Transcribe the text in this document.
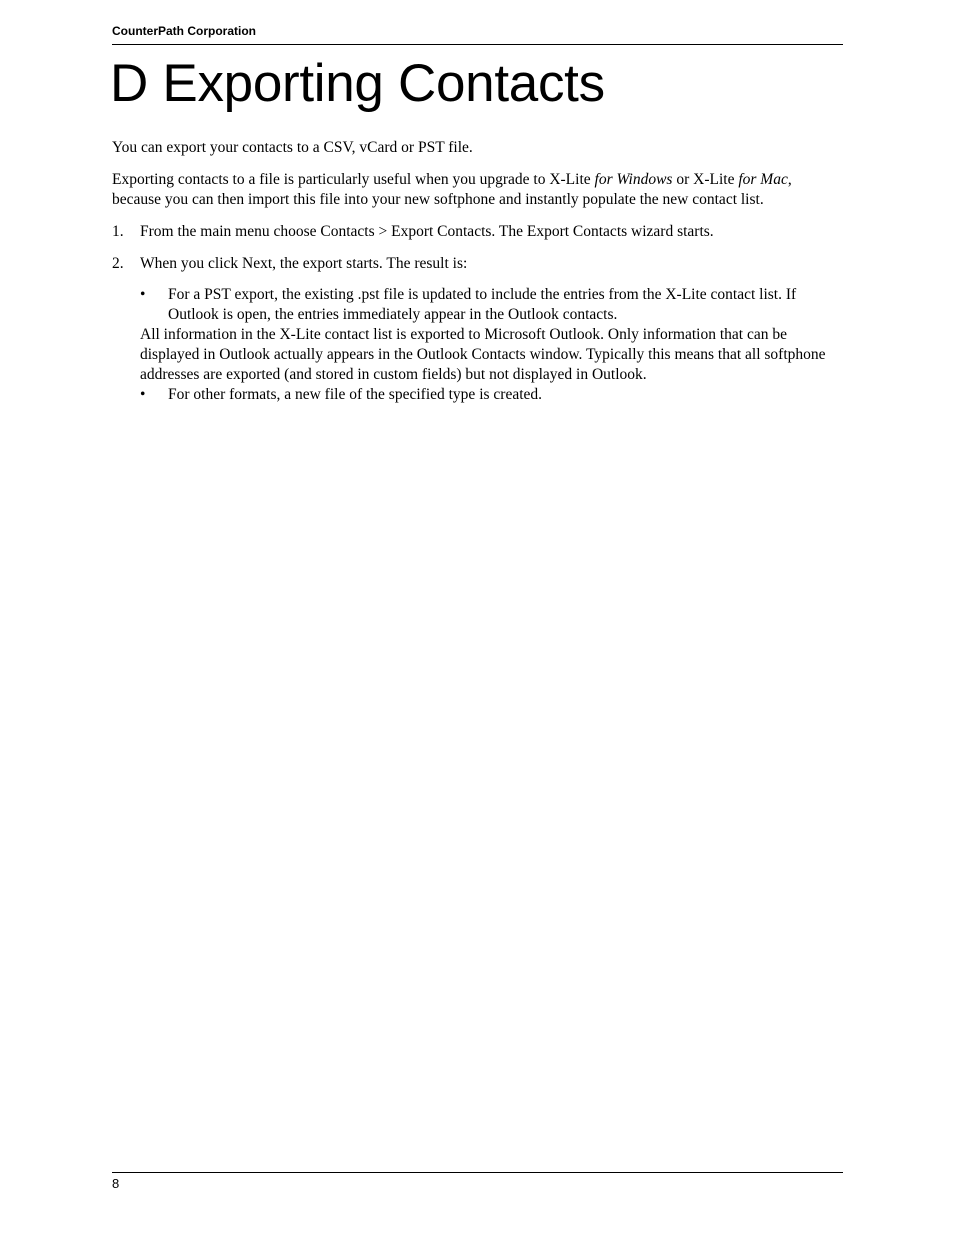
CounterPath Corporation
D Exporting Contacts

You can export your contacts to a CSV, vCard or PST file.

Exporting contacts to a file is particularly useful when you upgrade to X-Lite for Windows or X-Lite for Mac, because you can then import this file into your new softphone and instantly populate the new contact list.

1.	From the main menu choose Contacts > Export Contacts. The Export Contacts wizard starts.
2.	When you click Next, the export starts. The result is:
•	For a PST export, the existing .pst file is updated to include the entries from the X-Lite contact list. If Outlook is open, the entries immediately appear in the Outlook contacts.

All information in the X-Lite contact list is exported to Microsoft Outlook. Only information that can be displayed in Outlook actually appears in the Outlook Contacts window. Typically this means that all softphone addresses are exported (and stored in custom fields) but not displayed in Outlook.

•	For other formats, a new file of the specified type is created.
8
